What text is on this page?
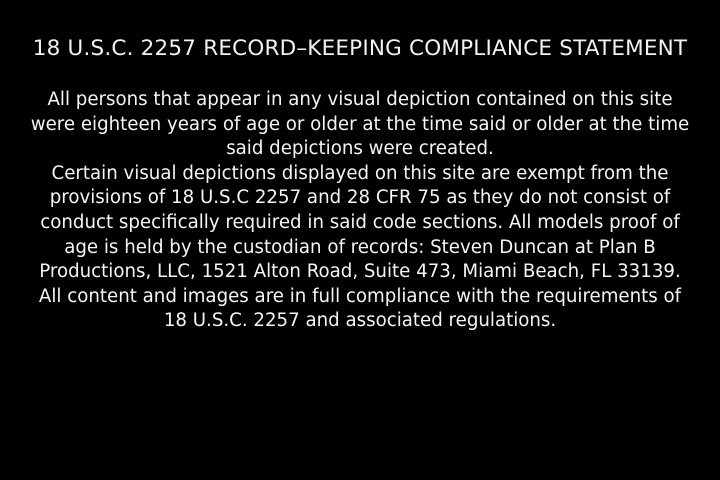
18 U.S.C. 2257 RECORD–KEEPING COMPLIANCE STATEMENT

All persons that appear in any visual depiction contained on this site were eighteen years of age or older at the time said or older at the time said depictions were created.

Certain visual depictions displayed on this site are exempt from the provisions of 18 U.S.C 2257 and 28 CFR 75 as they do not consist of conduct specifically required in said code sections. All models proof of age is held by the custodian of records: Steven Duncan at Plan B Productions, LLC, 1521 Alton Road, Suite 473, Miami Beach, FL 33139. All content and images are in full compliance with the requirements of 18 U.S.C. 2257 and associated regulations.
